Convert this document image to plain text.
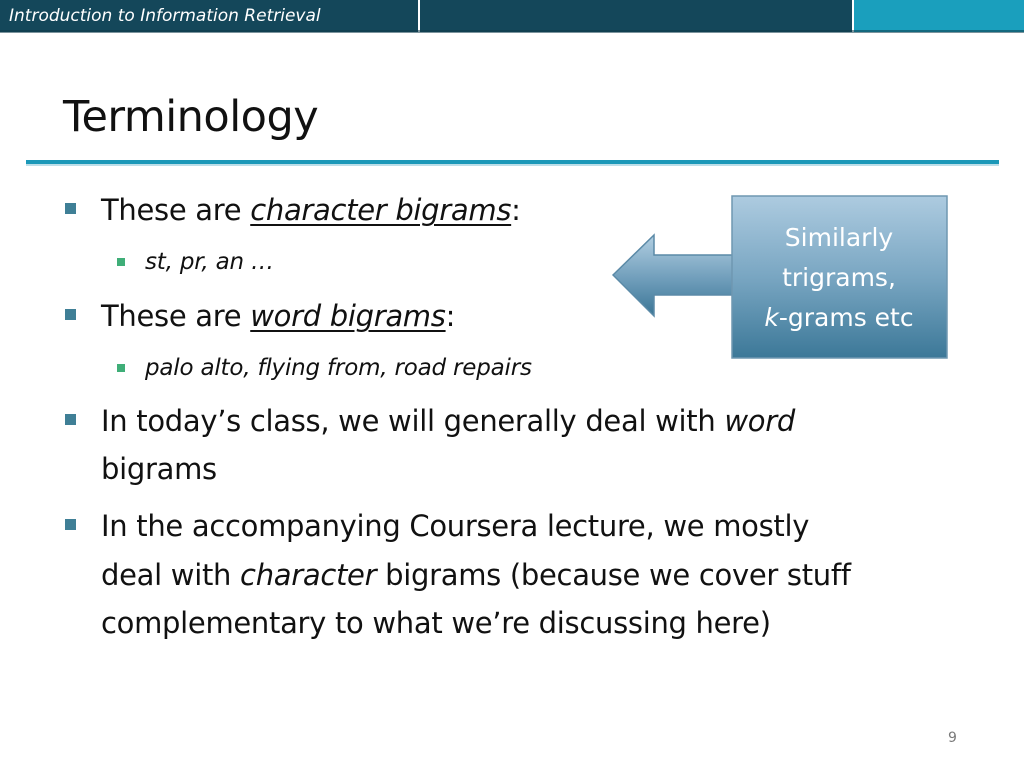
Introduction to Information Retrieval
Terminology
These are character bigrams:
st, pr, an …
These are word bigrams:
palo alto, flying from, road repairs
In today’s class, we will generally deal with word
bigrams
In the accompanying Coursera lecture, we mostly
deal with character bigrams (because we cover stuff
complementary to what we’re discussing here)
Similarly
trigrams,
k-grams etc
9
